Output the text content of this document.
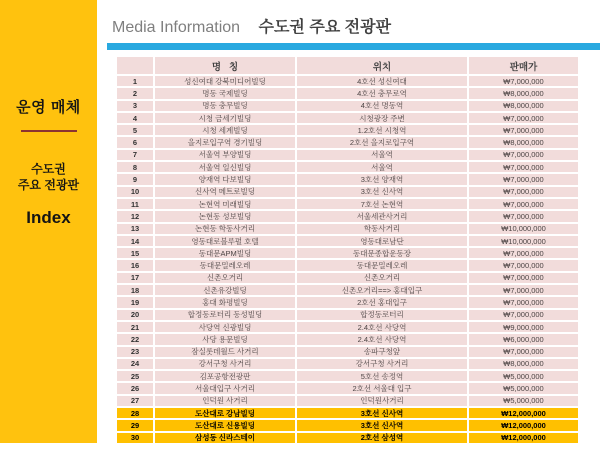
운영 매체
수도권
주요 전광판
Index
Media Information 수도권 주요 전광판
명   칭	위치	판매가
1	성신여대 강북미디어빌딩	4호선 성신여대	₩7,000,000
2	명동 국제빌딩	4호선 충무로역	₩8,000,000
3	명동 충무빌딩	4호선 명동역	₩8,000,000
4	시청 금세기빌딩	시청광장 주변	₩7,000,000
5	시청 세계빌딩	1.2호선 시청역	₩7,000,000
6	을지로입구역 경기빌딩	2호선 을지로입구역	₩8,000,000
7	서울역 부양빌딩	서울역	₩7,000,000
8	서울역 일신빌딩	서울역	₩7,000,000
9	양재역 다보빌딩	3호선 양재역	₩7,000,000
10	신사역 메트로빌딩	3호선 신사역	₩7,000,000
11	논현역 미래빌딩	7호선 논현역	₩7,000,000
12	논현동 성보빌딩	서울세관사거리	₩7,000,000
13	논현동 학동사거리	학동사거리	₩10,000,000
14	영동대로블루펄 호텔	영동대로남단	₩10,000,000
15	동대문APM빌딩	동대문종합운동장	₩7,000,000
16	동대문밀레오레	동대문밀레오레	₩7,000,000
17	신촌오거리	신촌오거리	₩7,000,000
18	신촌유강빌딩	신촌오거리==> 홍대입구	₩7,000,000
19	홍대 화평빌딩	2호선 홍대입구	₩7,000,000
20	합정동로터리 동성빌딩	합정동로터리	₩7,000,000
21	사당역 신광빌딩	2.4호선 사당역	₩9,000,000
22	사당 용문빌딩	2.4호선 사당역	₩6,000,000
23	잠실롯데월드 사거리	송파구청앞	₩7,000,000
24	강서구청 사거리	강서구청 사거리	₩8,000,000
25	김포공항전광판	5호선 송정역	₩5,000,000
26	서울대입구 사거리	2호선 서울대 입구	₩5,000,000
27	인덕원 사거리	인덕원사거리	₩5,000,000
28	도산대로 강남빌딩	3호선 신사역	₩12,000,000
29	도산대로 신용빌딩	3호선 신사역	₩12,000,000
30	삼성동 신라스테이	2호선 삼성역	₩12,000,000
